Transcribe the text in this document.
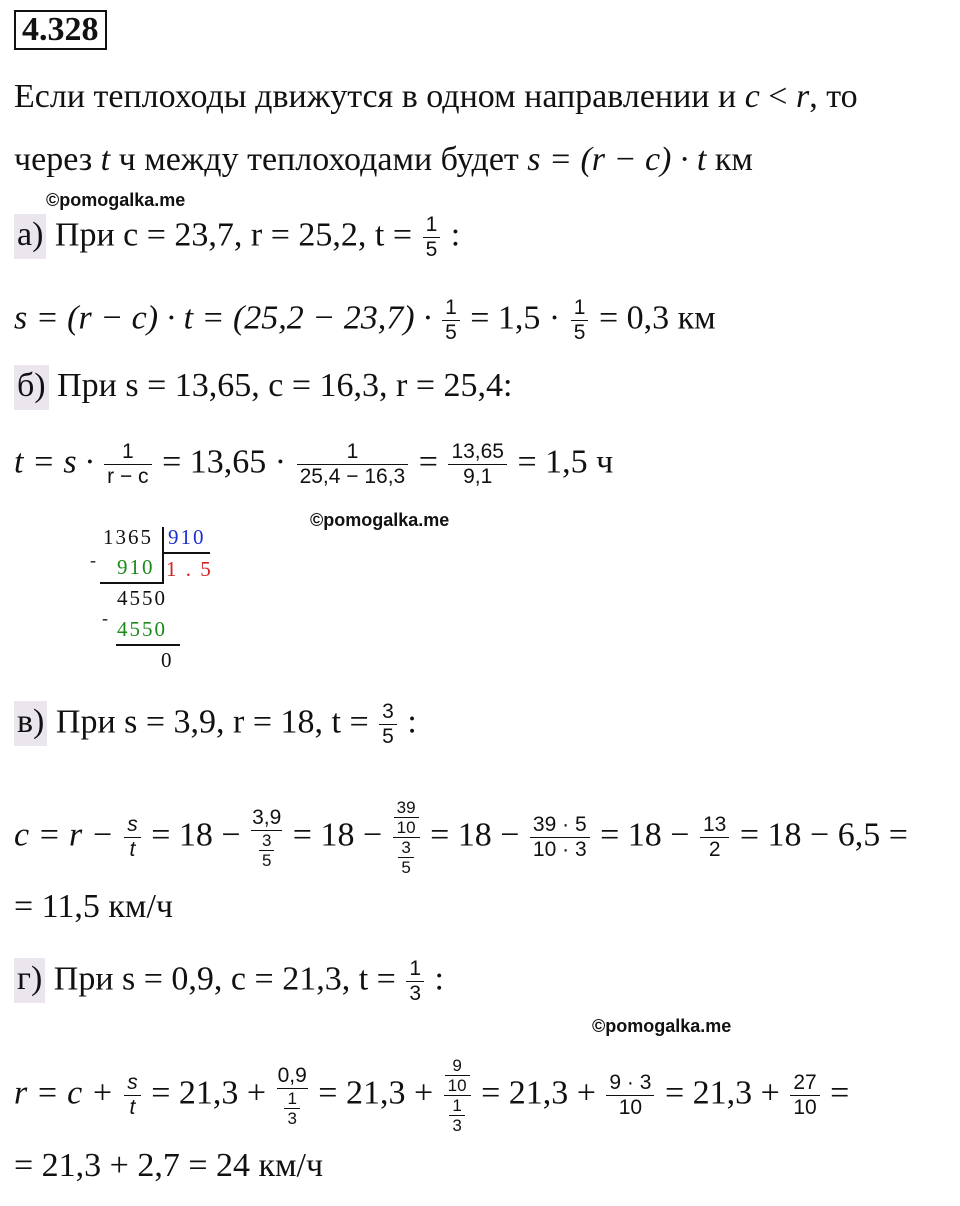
4.328
Если теплоходы движутся в одном направлении и c < r, то
через t ч между теплоходами будет s = (r − c) · t км
©pomogalka.me
а) При c = 23,7, r = 25,2, $t = \frac{1}{5}$ :
$s = (r - c) \cdot t = (25,2 - 23,7) \cdot \frac{1}{5} = 1,5 \cdot \frac{1}{5} = 0,3$ км
б) При s = 13,65, c = 16,3, r = 25,4:
$t = s \cdot \frac{1}{r - c} = 13,65 \cdot \frac{1}{25,4 - 16,3} = \frac{13,65}{9,1} = 1,5$ ч
1365 910
- 910 1 . 5
4550
- 4550
0
©pomogalka.me
в) При s = 3,9, r = 18, $t = \frac{3}{5}$ :
$c = r - \frac{s}{t} = 18 - \frac{3,9}{\frac{3}{5}} = 18 - \frac{\frac{39}{10}}{\frac{3}{5}} = 18 - \frac{39 \cdot 5}{10 \cdot 3} = 18 - \frac{13}{2} = 18 - 6,5$ =
= 11,5 км/ч
г) При s = 0,9, c = 21,3, $t = \frac{1}{3}$ :
©pomogalka.me
$r = c + \frac{s}{t} = 21,3 + \frac{0,9}{\frac{1}{3}} = 21,3 + \frac{\frac{9}{10}}{\frac{1}{3}} = 21,3 + \frac{9 \cdot 3}{10} = 21,3 + \frac{27}{10}$ =
= 21,3 + 2,7 = 24 км/ч
